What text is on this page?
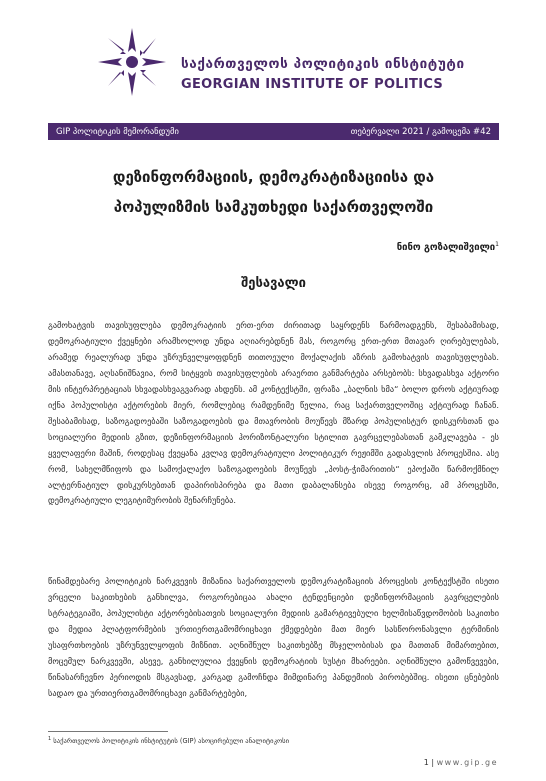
საქართველოს პოლიტიკის ინსტიტუტი
GEORGIAN INSTITUTE OF POLITICS
GIP პოლიტიკის მემორანდუმი	თებერვალი 2021 / გამოცემა #42
დეზინფორმაციის, დემოკრატიზაციისა და
პოპულიზმის სამკუთხედი საქართველოში
ნინო გოზალიშვილი$^1$
შესავალი

გამოხატვის თავისუფლება დემოკრატიის ერთ-ერთ ძირითად საყრდენს წარმოადგენს, შესაბამისად, დემოკრატიული ქვეყნები არამხოლოდ უნდა აღიარებდნენ მას, როგორც ერთ-ერთ მთავარ ღირებულებას, არამედ რეალურად უნდა უზრუნველყოფდნენ თითოეული მოქალაქის აზრის გამოხატვის თავისუფლებას. ამასთანავე, აღსანიშნავია, რომ სიტყვის თავისუფლების არაერთი განმარტება არსებობს: სხვადასხვა აქტორი მის ინტერპრეტაციას სხვადასხვაგვარად ახდენს. ამ კონტექსტში, ფრაზა „ბალნის ხმა“ ბოლო დროს აქტიურად იქნა პოპულისტი აქტორების მიერ, რომლებიც რამდენიმე წელია, რაც საქართველოშიც აქტიურად ჩანან. შესაბამისად, საზოგადოებაში საზოგადოების და მთავრობის მოუწევს მზარდ პოპულისტურ დისკურსთან და სოციალური მედიის გზით, დეზინფორმაციის ჰორიზონტალური სტილით გავრცელებასთან გამკლავება - ეს ყველაფერი მაშინ, როდესაც ქვეყანა კვლავ დემოკრატიული პოლიტიკურ რეჟიმში გადასვლის პროცესშია. ასე რომ, სახელმწიფოს და სამოქალაქო საზოგადოების მოუწევს „პოსტ-ჭიმარითის“ ეპოქაში წარმოქმნილ ალტერნატიულ დისკურსებთან დაპირისპირება და მათი დაბალანსება ისევე როგორც, ამ პროცესში, დემოკრატიული ლეგიტიმურობის შენარჩუნება.

წინამდებარე პოლიტიკის ნარკვევის მიზანია საქართველოს დემოკრატიზაციის პროცესის კონტექსტში ისეთი ვრცელი საკითხების განხილვა, როგორებიცაა ახალი ტენდენციები დეზინფორმაციის გავრცელების სტრატეგიაში, პოპულისტი აქტორებისათვის სოციალური მედიის გამარტივებული ხელმისაწვდომობის საკითხი და მედია პლატფორმების ურთიერთგამომრიცხავი ქმედებები მათ მიერ სასწორონასვლი ტერმინის უსაფრთხოების უზრუნველყოფის მიზნით. აღნიშნულ საკითხებზე მსჯელობისას და მათთან მიმართებით, მოცემულ ნარკვევში, ასევე, განხილულია ქვეყნის დემოკრატიის სუსტი მხარეები. აღნიშნული გამოწვევები, წინასარჩევნო პერიოდის მსგავსად, კარგად გამოჩნდა მიმდინარე პანდემიის პირობებშიც. ისეთი ცნებების სადაო და ურთიერთგამომრიცხავი განმარტებები,

$^1$ საქართველოს პოლიტიკის ინსტიტუტის (GIP) ასოცირებული ანალიტიკოსი
1 | www.gip.ge
